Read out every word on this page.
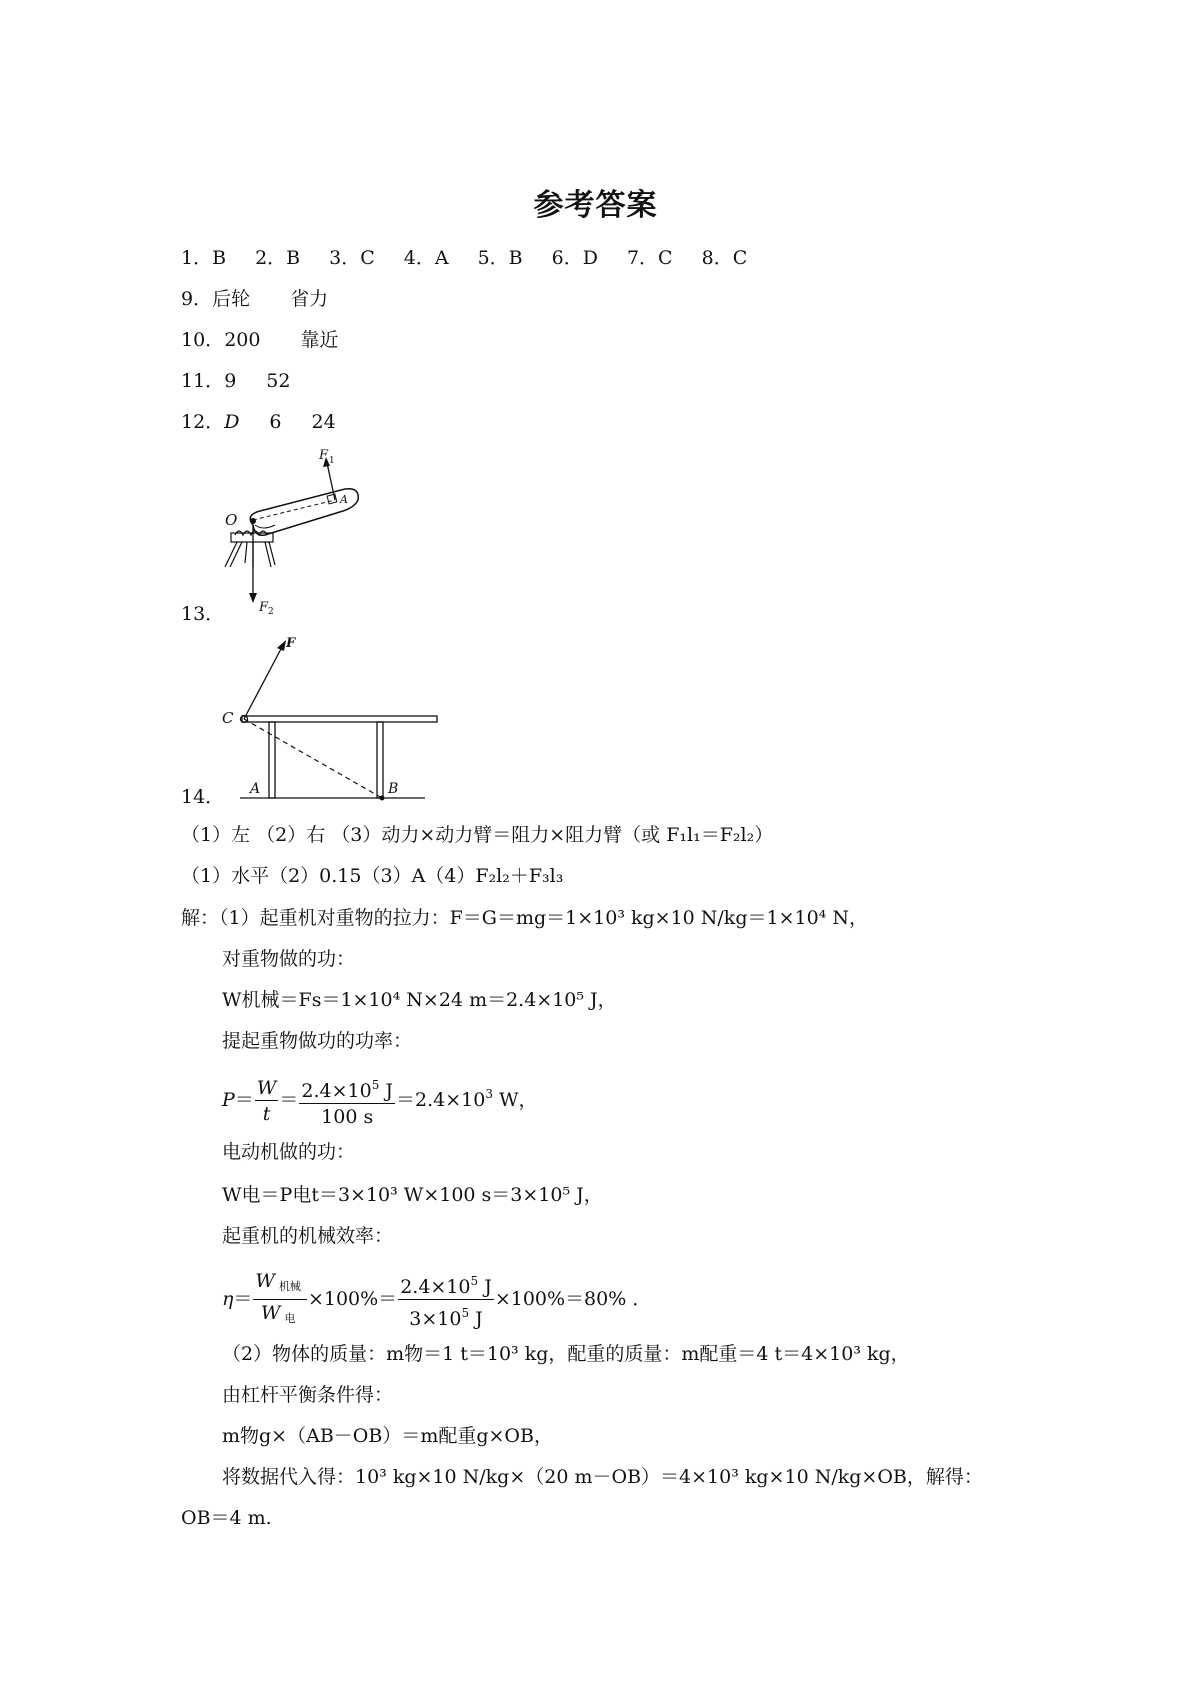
参考答案
1．B 2．B 3．C 4．A 5．B 6．D 7．C 8．C
9．后轮 省力
10．200 靠近
11．9 52
12．D 6 24
13．
F 1
A
O
F 2
14．
F
C
A	B
（1）左 （2）右 （3）动力×动力臂＝阻力×阻力臂（或 F₁l₁＝F₂l₂）
（1）水平（2）0.15（3）A（4）F₂l₂＋F₃l₃
解：（1）起重机对重物的拉力：F＝G＝mg＝1×10³ kg×10 N/kg＝1×10⁴ N，
对重物做的功：
W机械＝Fs＝1×10⁴ N×24 m＝2.4×10⁵ J，
提起重物做功的功率：
$P= \frac{W}{t} = \frac{2.4\times 10^5 J}{100 s} =2.4\times 10^3$ W，
电动机做的功：
W电＝P电t＝3×10³ W×100 s＝3×10⁵ J，
起重机的机械效率：
$\eta= \frac{\text{W 机械}}{\text{W 电}} \times 100\%= \frac{2.4\times 10^5 J}{3\times 10^5 J} \times 100\%=80\%$ ．
（2）物体的质量：m物＝1 t＝10³ kg，配重的质量：m配重＝4 t＝4×10³ kg，
由杠杆平衡条件得：
m物g×（AB－OB）＝m配重g×OB，
将数据代入得：10³ kg×10 N/kg×（20 m－OB）＝4×10³ kg×10 N/kg×OB，解得：
OB＝4 m.
